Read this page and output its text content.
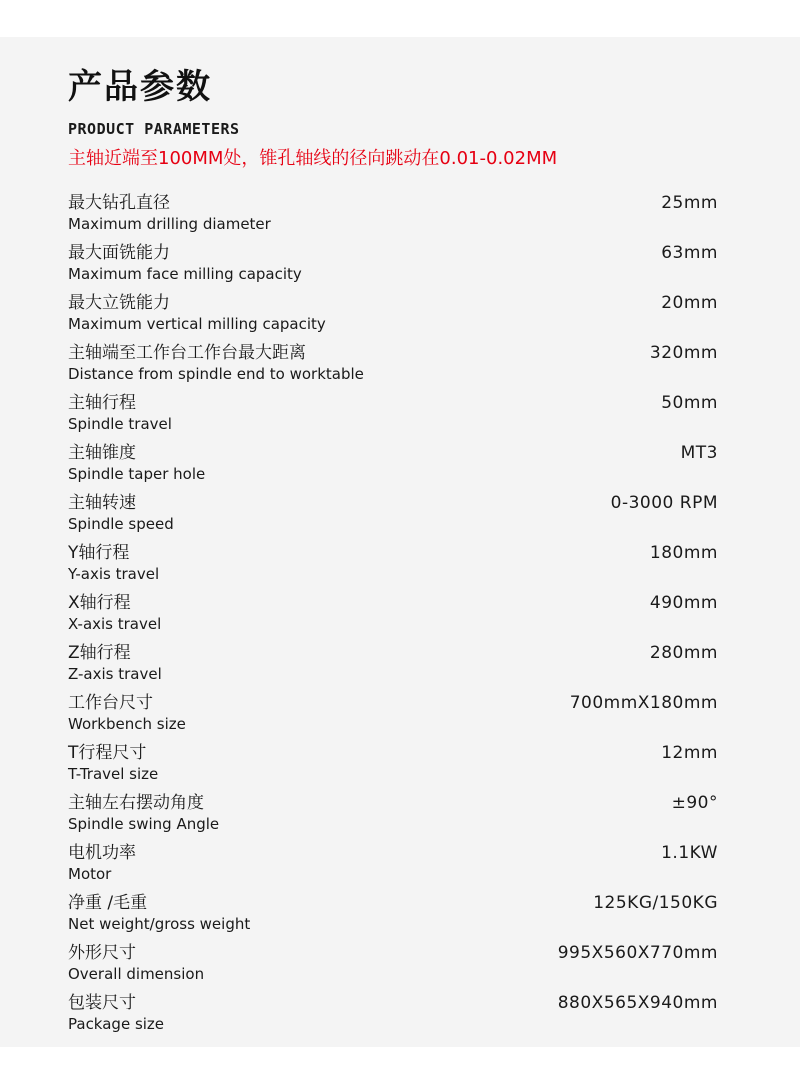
产品参数
PRODUCT PARAMETERS
主轴近端至100MM处，锥孔轴线的径向跳动在0.01-0.02MM
最大钻孔直径
Maximum drilling diameter
25mm
最大面铣能力
Maximum face milling capacity
63mm
最大立铣能力
Maximum vertical milling capacity
20mm
主轴端至工作台工作台最大距离
Distance from spindle end to worktable
320mm
主轴行程
Spindle travel
50mm
主轴锥度
Spindle taper hole
MT3
主轴转速
Spindle speed
0-3000 RPM
Y轴行程
Y-axis travel
180mm
X轴行程
X-axis travel
490mm
Z轴行程
Z-axis travel
280mm
工作台尺寸
Workbench size
700mmX180mm
T行程尺寸
T-Travel size
12mm
主轴左右摆动角度
Spindle swing Angle
±90°
电机功率
Motor
1.1KW
净重 /毛重
Net weight/gross weight
125KG/150KG
外形尺寸
Overall dimension
995X560X770mm
包装尺寸
Package size
880X565X940mm
